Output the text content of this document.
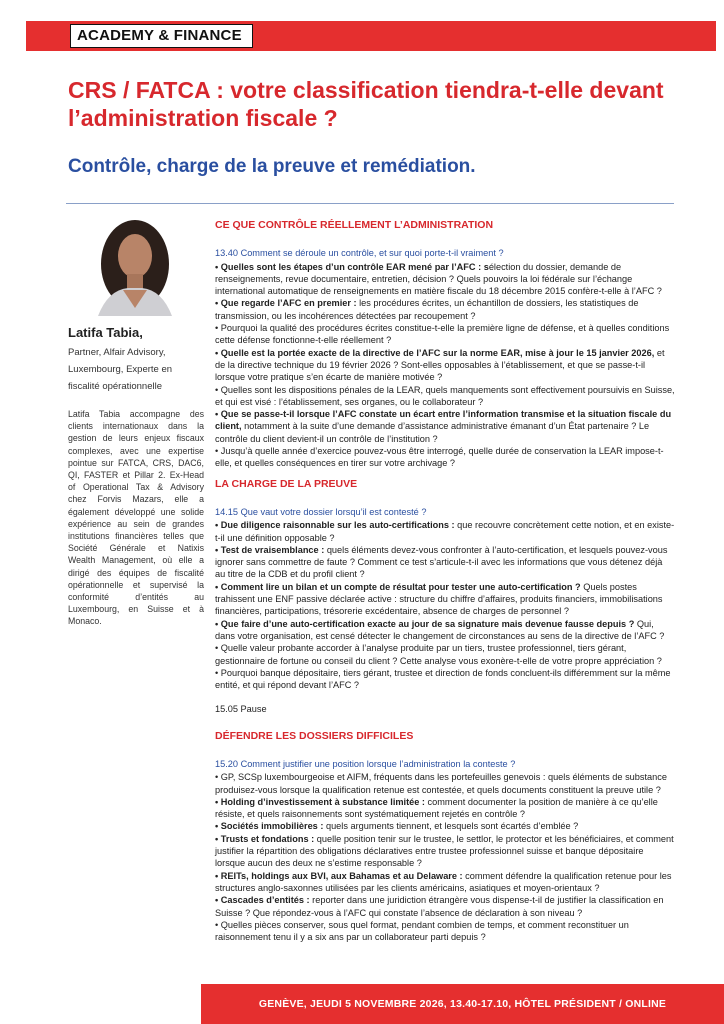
ACADEMY & FINANCE
CRS / FATCA : votre classification tiendra-t-elle devant l’administration fiscale ?
Contrôle, charge de la preuve et remédiation.
Latifa Tabia,
Partner, Alfair Advisory, Luxembourg, Experte en fiscalité opérationnelle
Latifa Tabia accompagne des clients internationaux dans la gestion de leurs enjeux fiscaux complexes, avec une expertise pointue sur FATCA, CRS, DAC6, QI, FASTER et Pillar 2. Ex-Head of Operational Tax & Advisory chez Forvis Mazars, elle a également développé une solide expérience au sein de grandes institutions financières telles que Société Générale et Natixis Wealth Management, où elle a dirigé des équipes de fiscalité opérationnelle et supervisé la conformité d’entités au Luxembourg, en Suisse et à Monaco.
CE QUE CONTRÔLE RÉELLEMENT L’ADMINISTRATION
13.40 Comment se déroule un contrôle, et sur quoi porte-t-il vraiment ?

• Quelles sont les étapes d’un contrôle EAR mené par l’AFC : sélection du dossier, demande de renseignements, revue documentaire, entretien, décision ? Quels pouvoirs la loi fédérale sur l’échange international automatique de renseignements en matière fiscale du 18 décembre 2015 confère-t-elle à l’AFC ?

• Que regarde l’AFC en premier : les procédures écrites, un échantillon de dossiers, les statistiques de transmission, ou les incohérences détectées par recoupement ?

• Pourquoi la qualité des procédures écrites constitue-t-elle la première ligne de défense, et à quelles conditions cette défense fonctionne-t-elle réellement ?

• Quelle est la portée exacte de la directive de l’AFC sur la norme EAR, mise à jour le 15 janvier 2026, et de la directive technique du 19 février 2026 ? Sont-elles opposables à l’établissement, et que se passe-t-il lorsque votre pratique s’en écarte de manière motivée ?

• Quelles sont les dispositions pénales de la LEAR, quels manquements sont effectivement poursuivis en Suisse, et qui est visé : l’établissement, ses organes, ou le collaborateur ?

• Que se passe-t-il lorsque l’AFC constate un écart entre l’information transmise et la situation fiscale du client, notamment à la suite d’une demande d’assistance administrative émanant d’un État partenaire ? Le contrôle du client devient-il un contrôle de l’institution ?

• Jusqu’à quelle année d’exercice pouvez-vous être interrogé, quelle durée de conservation la LEAR impose-t-elle, et quelles conséquences en tirer sur votre archivage ?

LA CHARGE DE LA PREUVE
14.15 Que vaut votre dossier lorsqu’il est contesté ?

• Due diligence raisonnable sur les auto-certifications : que recouvre concrètement cette notion, et en existe-t-il une définition opposable ?

• Test de vraisemblance : quels éléments devez-vous confronter à l’auto-certification, et lesquels pouvez-vous ignorer sans commettre de faute ? Comment ce test s’articule-t-il avec les informations que vous détenez déjà au titre de la CDB et du profil client ?

• Comment lire un bilan et un compte de résultat pour tester une auto-certification ? Quels postes trahissent une ENF passive déclarée active : structure du chiffre d’affaires, produits financiers, immobilisations financières, participations, trésorerie excédentaire, absence de charges de personnel ?

• Que faire d’une auto-certification exacte au jour de sa signature mais devenue fausse depuis ? Qui, dans votre organisation, est censé détecter le changement de circonstances au sens de la directive de l’AFC ?

• Quelle valeur probante accorder à l’analyse produite par un tiers, trustee professionnel, tiers gérant, gestionnaire de fortune ou conseil du client ? Cette analyse vous exonère-t-elle de votre propre appréciation ?

• Pourquoi banque dépositaire, tiers gérant, trustee et direction de fonds concluent-ils différemment sur la même entité, et qui répond devant l’AFC ?

15.05 Pause
DÉFENDRE LES DOSSIERS DIFFICILES
15.20 Comment justifier une position lorsque l’administration la conteste ?

• GP, SCSp luxembourgeoise et AIFM, fréquents dans les portefeuilles genevois : quels éléments de substance produisez-vous lorsque la qualification retenue est contestée, et quels documents constituent la preuve utile ?

• Holding d’investissement à substance limitée : comment documenter la position de manière à ce qu’elle résiste, et quels raisonnements sont systématiquement rejetés en contrôle ?

• Sociétés immobilières : quels arguments tiennent, et lesquels sont écartés d’emblée ?

• Trusts et fondations : quelle position tenir sur le trustee, le settlor, le protector et les bénéficiaires, et comment justifier la répartition des obligations déclaratives entre trustee professionnel suisse et banque dépositaire lorsque aucun des deux ne s’estime responsable ?

• REITs, holdings aux BVI, aux Bahamas et au Delaware : comment défendre la qualification retenue pour les structures anglo-saxonnes utilisées par les clients américains, asiatiques et moyen-orientaux ?

• Cascades d’entités : reporter dans une juridiction étrangère vous dispense-t-il de justifier la classification en Suisse ? Que répondez-vous à l’AFC qui constate l’absence de déclaration à son niveau ?

• Quelles pièces conserver, sous quel format, pendant combien de temps, et comment reconstituer un raisonnement tenu il y a six ans par un collaborateur parti depuis ?

GENÈVE, JEUDI 5 NOVEMBRE 2026, 13.40-17.10, HÔTEL PRÉSIDENT / ONLINE
